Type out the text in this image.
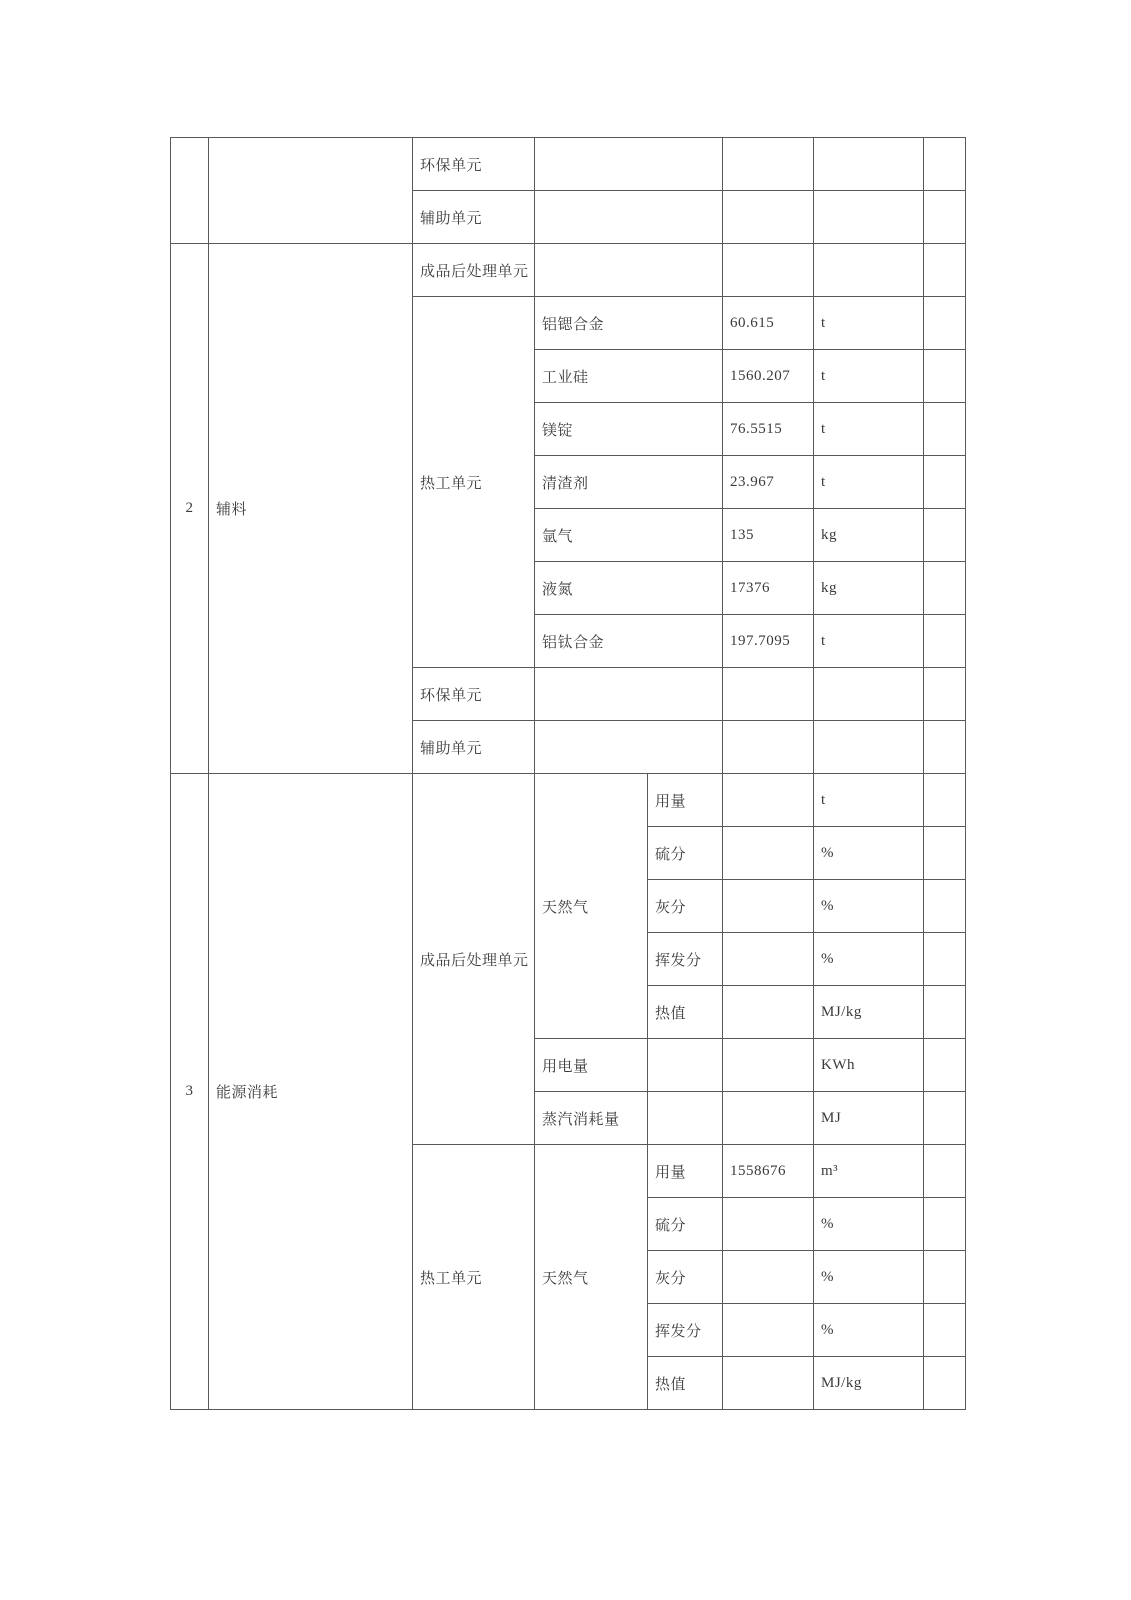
		环保单元					
		辅助单元					
2	辅料	成品后处理单元					
		热工单元	铝锶合金		60.615	t	
			工业硅		1560.207	t	
			镁锭		76.5515	t	
			清渣剂		23.967	t	
			氩气		135	kg	
			液氮		17376	kg	
			铝钛合金		197.7095	t	
		环保单元					
		辅助单元					
3	能源消耗	成品后处理单元	天然气	用量		t	
				硫分		%	
				灰分		%	
				挥发分		%	
				热值		MJ/kg	
			用电量			KWh	
			蒸汽消耗量			MJ	
		热工单元	天然气	用量	1558676	m³	
				硫分		%	
				灰分		%	
				挥发分		%	
				热值		MJ/kg	
